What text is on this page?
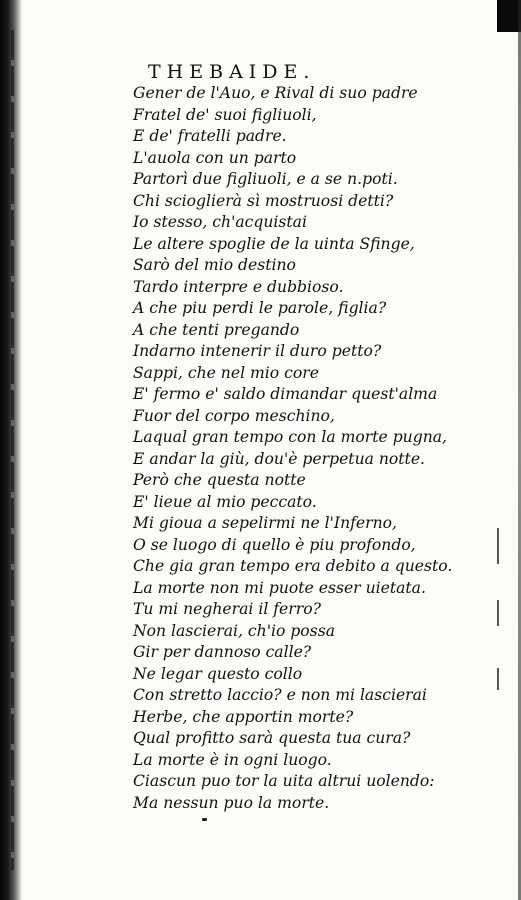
THEBAIDE.
Gener de l'Auo, e Rival di suo padre
Fratel de' suoi figliuoli,
E de' fratelli padre.
L'auola con un parto
Partorì due figliuoli, e a se n.poti.
Chi scioglierà sì mostruosi detti?
Io stesso, ch'acquistai
Le altere spoglie de la uinta Sfinge,
Sarò del mio destino
Tardo interpre e dubbioso.
A che piu perdi le parole, figlia?
A che tenti pregando
Indarno intenerir il duro petto?
Sappi, che nel mio core
E' fermo e' saldo dimandar quest'alma
Fuor del corpo meschino,
Laqual gran tempo con la morte pugna,
E andar la giù, dou'è perpetua notte.
Però che questa notte
E' lieue al mio peccato.
Mi gioua a sepelirmi ne l'Inferno,
O se luogo di quello è piu profondo,
Che gia gran tempo era debito a questo.
La morte non mi puote esser uietata.
Tu mi negherai il ferro?
Non lascierai, ch'io possa
Gir per dannoso calle?
Ne legar questo collo
Con stretto laccio? e non mi lascierai
Herbe, che apportin morte?
Qual profitto sarà questa tua cura?
La morte è in ogni luogo.
Ciascun puo tor la uita altrui uolendo:
Ma nessun puo la morte.
